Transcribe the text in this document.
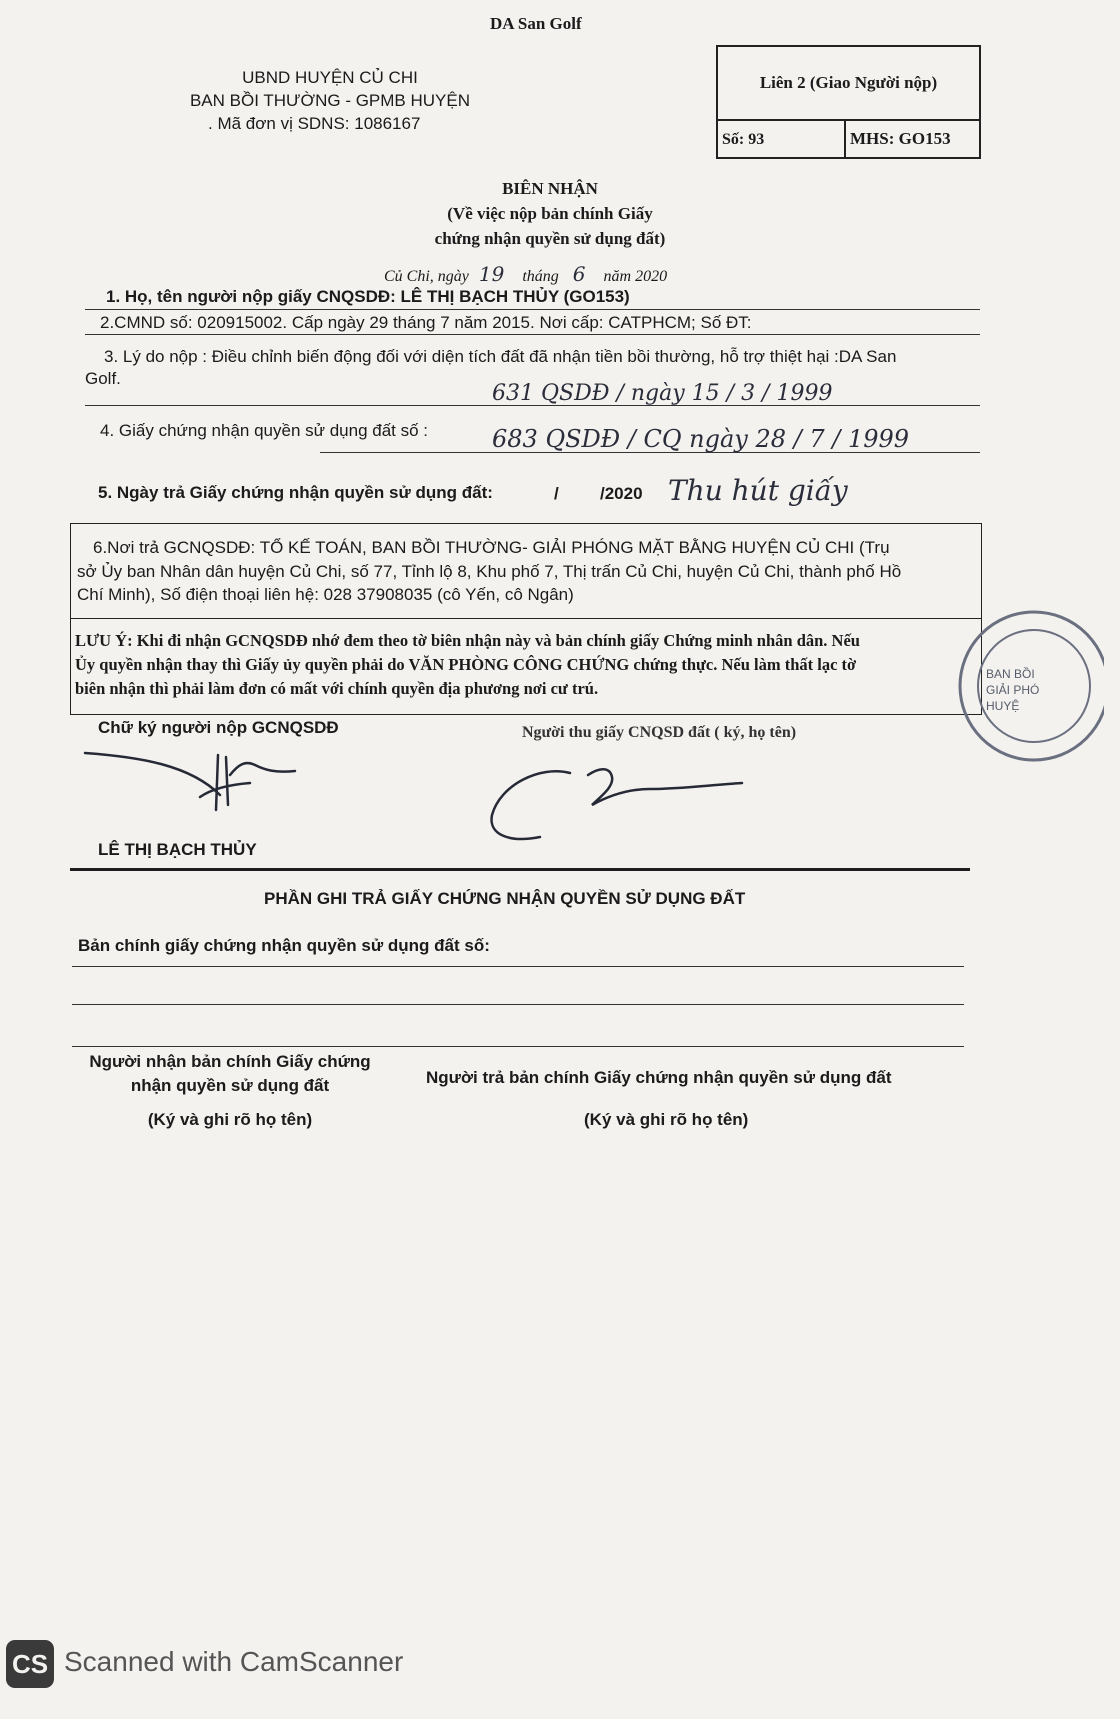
DA San Golf
UBND HUYỆN CỦ CHI
BAN BỒI THƯỜNG - GPMB HUYỆN
. Mã đơn vị SDNS: 1086167
Liên 2 (Giao Người nộp)
Số: 93	MHS: GO153
BIÊN NHẬN
(Về việc nộp bản chính Giấy
chứng nhận quyền sử dụng đất)
Củ Chi, ngày 19 tháng 6 năm 2020
1. Họ, tên người nộp giấy CNQSDĐ: LÊ THỊ BẠCH THỦY (GO153)
2.CMND số: 020915002. Cấp ngày 29 tháng 7 năm 2015. Nơi cấp: CATPHCM; Số ĐT:
3. Lý do nộp : Điều chỉnh biến động đối với diện tích đất đã nhận tiền bồi thường, hỗ trợ thiệt hại :DA San
Golf.
631 QSDĐ / ngày 15 / 3 / 1999
4. Giấy chứng nhận quyền sử dụng đất số :	683 QSDĐ / CQ ngày 28 / 7 / 1999
5. Ngày trả Giấy chứng nhận quyền sử dụng đất:	/ /2020 Thu hút giấy
6.Nơi trả GCNQSDĐ: TỔ KẾ TOÁN, BAN BỒI THƯỜNG- GIẢI PHÓNG MẶT BẰNG HUYỆN CỦ CHI (Trụ
sở Ủy ban Nhân dân huyện Củ Chi, số 77, Tỉnh lộ 8, Khu phố 7, Thị trấn Củ Chi, huyện Củ Chi, thành phố Hồ
Chí Minh), Số điện thoại liên hệ: 028 37908035 (cô Yến, cô Ngân)
LƯU Ý: Khi đi nhận GCNQSDĐ nhớ đem theo tờ biên nhận này và bản chính giấy Chứng minh nhân dân. Nếu
Ủy quyền nhận thay thì Giấy ủy quyền phải do VĂN PHÒNG CÔNG CHỨNG chứng thực. Nếu làm thất lạc tờ
biên nhận thì phải làm đơn có mất với chính quyền địa phương nơi cư trú.
BAN BỒI
GIẢI PHÓ
HUYỆ
Chữ ký người nộp GCNQSDĐ	Người thu giấy CNQSD đất ( ký, họ tên)
LÊ THỊ BẠCH THỦY
PHẦN GHI TRẢ GIẤY CHỨNG NHẬN QUYỀN SỬ DỤNG ĐẤT
Bản chính giấy chứng nhận quyền sử dụng đất số:
Người nhận bản chính Giấy chứng
nhận quyền sử dụng đất
(Ký và ghi rõ họ tên)
Người trả bản chính Giấy chứng nhận quyền sử dụng đất
(Ký và ghi rõ họ tên)
CS Scanned with CamScanner
